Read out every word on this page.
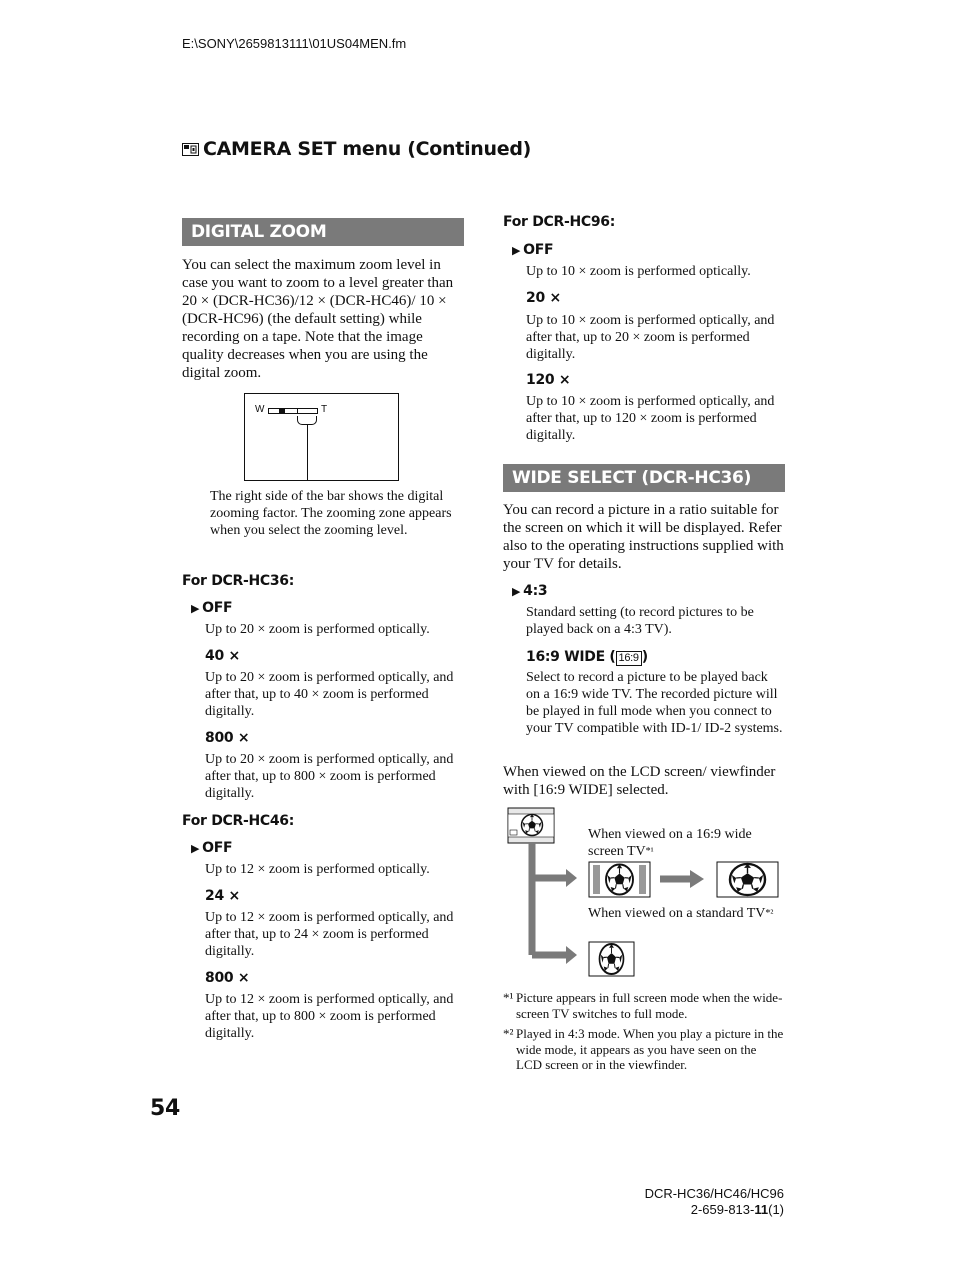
E:\SONY\2659813111\01US04MEN.fm
CAMERA SET menu (Continued)
DIGITAL ZOOM
You can select the maximum zoom level in case you want to zoom to a level greater than 20 × (DCR-HC36)/12 × (DCR-HC46)/ 10 × (DCR-HC96) (the default setting) while recording on a tape. Note that the image quality decreases when you are using the digital zoom.
W	T
The right side of the bar shows the digital zooming factor. The zooming zone appears when you select the zooming level.
For DCR-HC36:
▶ OFF
Up to 20 × zoom is performed optically.
40 ×
Up to 20 × zoom is performed optically, and after that, up to 40 × zoom is performed digitally.
800 ×
Up to 20 × zoom is performed optically, and after that, up to 800 × zoom is performed digitally.
For DCR-HC46:
▶ OFF
Up to 12 × zoom is performed optically.
24 ×
Up to 12 × zoom is performed optically, and after that, up to 24 × zoom is performed digitally.
800 ×
Up to 12 × zoom is performed optically, and after that, up to 800 × zoom is performed digitally.
For DCR-HC96:
▶ OFF
Up to 10 × zoom is performed optically.
20 ×
Up to 10 × zoom is performed optically, and after that, up to 20 × zoom is performed digitally.
120 ×
Up to 10 × zoom is performed optically, and after that, up to 120 × zoom is performed digitally.
WIDE SELECT (DCR-HC36)
You can record a picture in a ratio suitable for the screen on which it will be displayed. Refer also to the operating instructions supplied with your TV for details.
▶ 4:3
Standard setting (to record pictures to be played back on a 4:3 TV).
16:9 WIDE ( 16:9 )
Select to record a picture to be played back on a 16:9 wide TV. The recorded picture will be played in full mode when you connect to your TV compatible with ID-1/ ID-2 systems.
When viewed on the LCD screen/ viewfinder with [16:9 WIDE] selected.
When viewed on a 16:9 wide screen $TV^{*^1}$
When viewed on a standard $TV^{*^2}$
*¹ Picture appears in full screen mode when the wide-screen TV switches to full mode.
*² Played in 4:3 mode. When you play a picture in the wide mode, it appears as you have seen on the LCD screen or in the viewfinder.
54
DCR-HC36/HC46/HC96
2-659-813-11(1)
